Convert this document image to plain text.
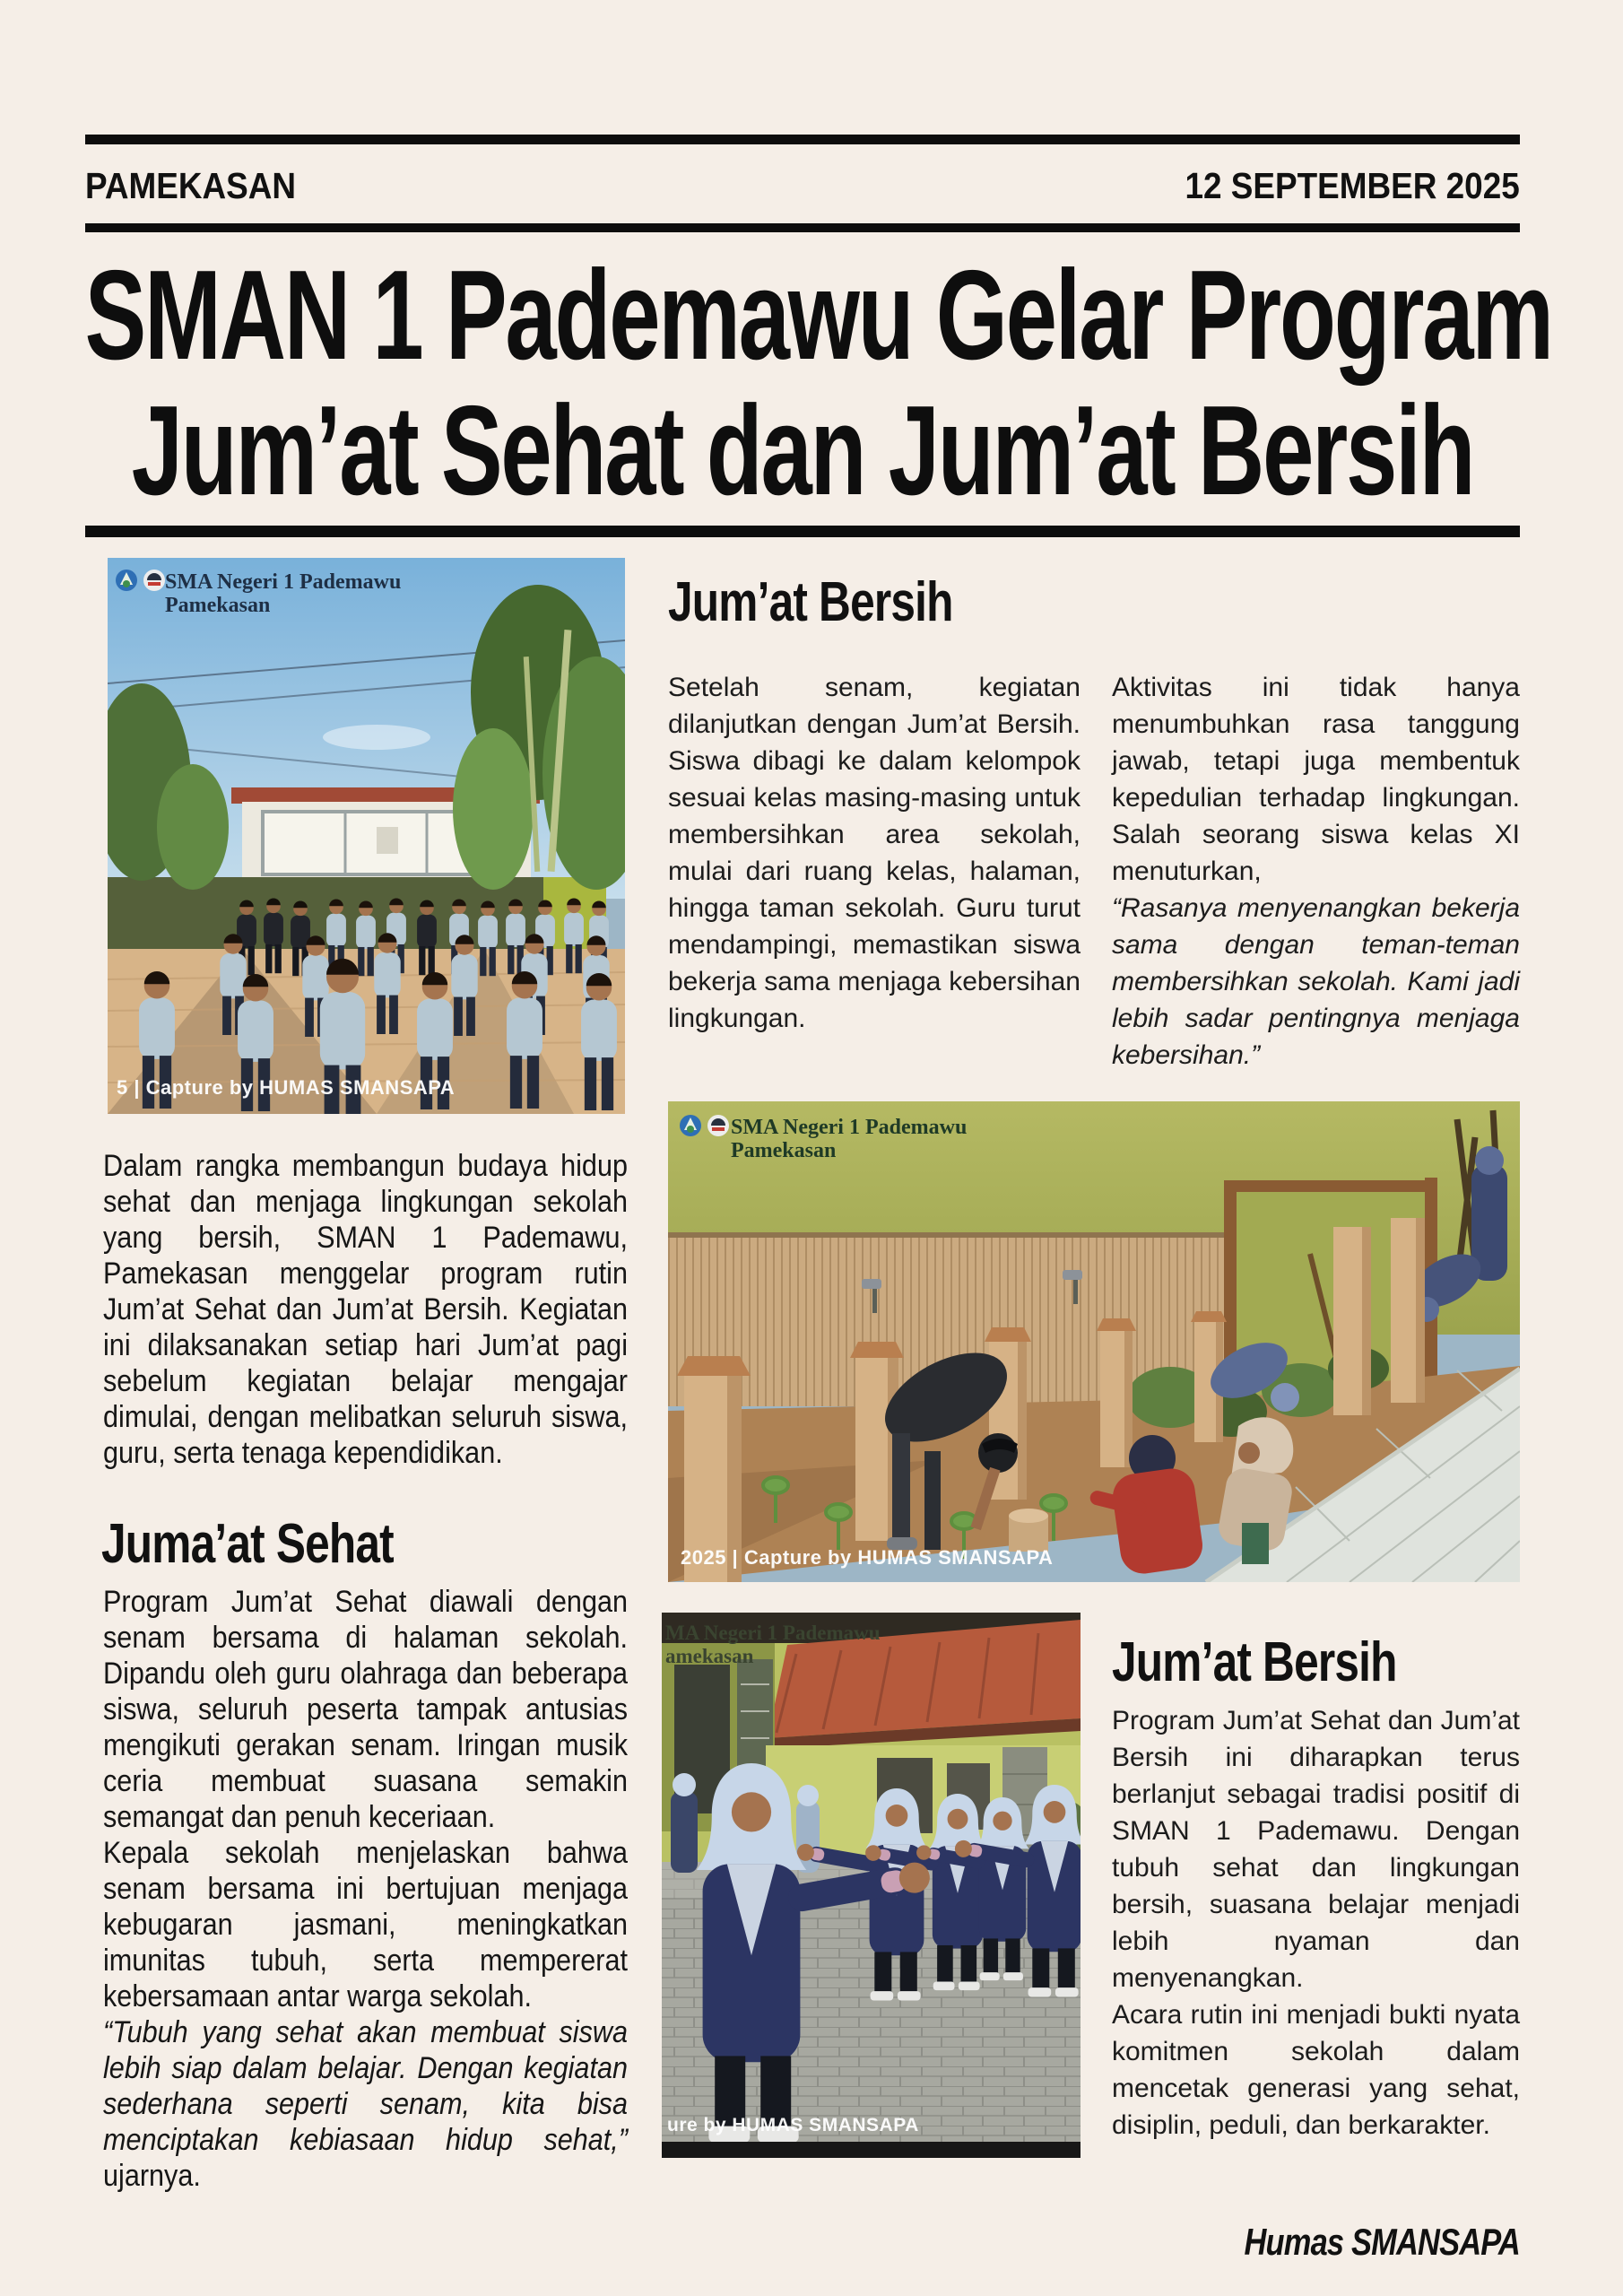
PAMEKASAN	12 SEPTEMBER 2025
SMAN 1 Pademawu Gelar Program
Jum’at Sehat dan Jum’at Bersih
SMA Negeri 1 Pademawu
Pamekasan
5 | Capture by HUMAS SMANSAPA
Jum’at Bersih

Setelah senam, kegiatan dilanjutkan dengan Jum’at Bersih. Siswa dibagi ke dalam kelompok sesuai kelas masing-masing untuk membersihkan area sekolah, mulai dari ruang kelas, halaman, hingga taman sekolah. Guru turut mendampingi, memastikan siswa bekerja sama menjaga kebersihan lingkungan.

Aktivitas ini tidak hanya menumbuhkan rasa tanggung jawab, tetapi juga membentuk kepedulian terhadap lingkungan. Salah seorang siswa kelas XI menuturkan,

“Rasanya menyenangkan bekerja sama dengan teman-teman membersihkan sekolah. Kami jadi lebih sadar pentingnya menjaga kebersihan.”

Dalam rangka membangun budaya hidup sehat dan menjaga lingkungan sekolah yang bersih, SMAN 1 Pademawu, Pamekasan menggelar program rutin Jum’at Sehat dan Jum’at Bersih. Kegiatan ini dilaksanakan setiap hari Jum’at pagi sebelum kegiatan belajar mengajar dimulai, dengan melibatkan seluruh siswa, guru, serta tenaga kependidikan.

Juma’at Sehat

Program Jum’at Sehat diawali dengan senam bersama di halaman sekolah. Dipandu oleh guru olahraga dan beberapa siswa, seluruh peserta tampak antusias mengikuti gerakan senam. Iringan musik ceria membuat suasana semakin semangat dan penuh keceriaan.

Kepala sekolah menjelaskan bahwa senam bersama ini bertujuan menjaga kebugaran jasmani, meningkatkan imunitas tubuh, serta mempererat kebersamaan antar warga sekolah.

“Tubuh yang sehat akan membuat siswa lebih siap dalam belajar. Dengan kegiatan sederhana seperti senam, kita bisa menciptakan kebiasaan hidup sehat,” ujarnya.

SMA Negeri 1 Pademawu
Pamekasan
2025 | Capture by HUMAS SMANSAPA
MA Negeri 1 Pademawu
amekasan
ure by HUMAS SMANSAPA
Jum’at Bersih

Program Jum’at Sehat dan Jum’at Bersih ini diharapkan terus berlanjut sebagai tradisi positif di SMAN 1 Pademawu. Dengan tubuh sehat dan lingkungan bersih, suasana belajar menjadi lebih nyaman dan menyenangkan.

Acara rutin ini menjadi bukti nyata komitmen sekolah dalam mencetak generasi yang sehat, disiplin, peduli, dan berkarakter.

Humas SMANSAPA
